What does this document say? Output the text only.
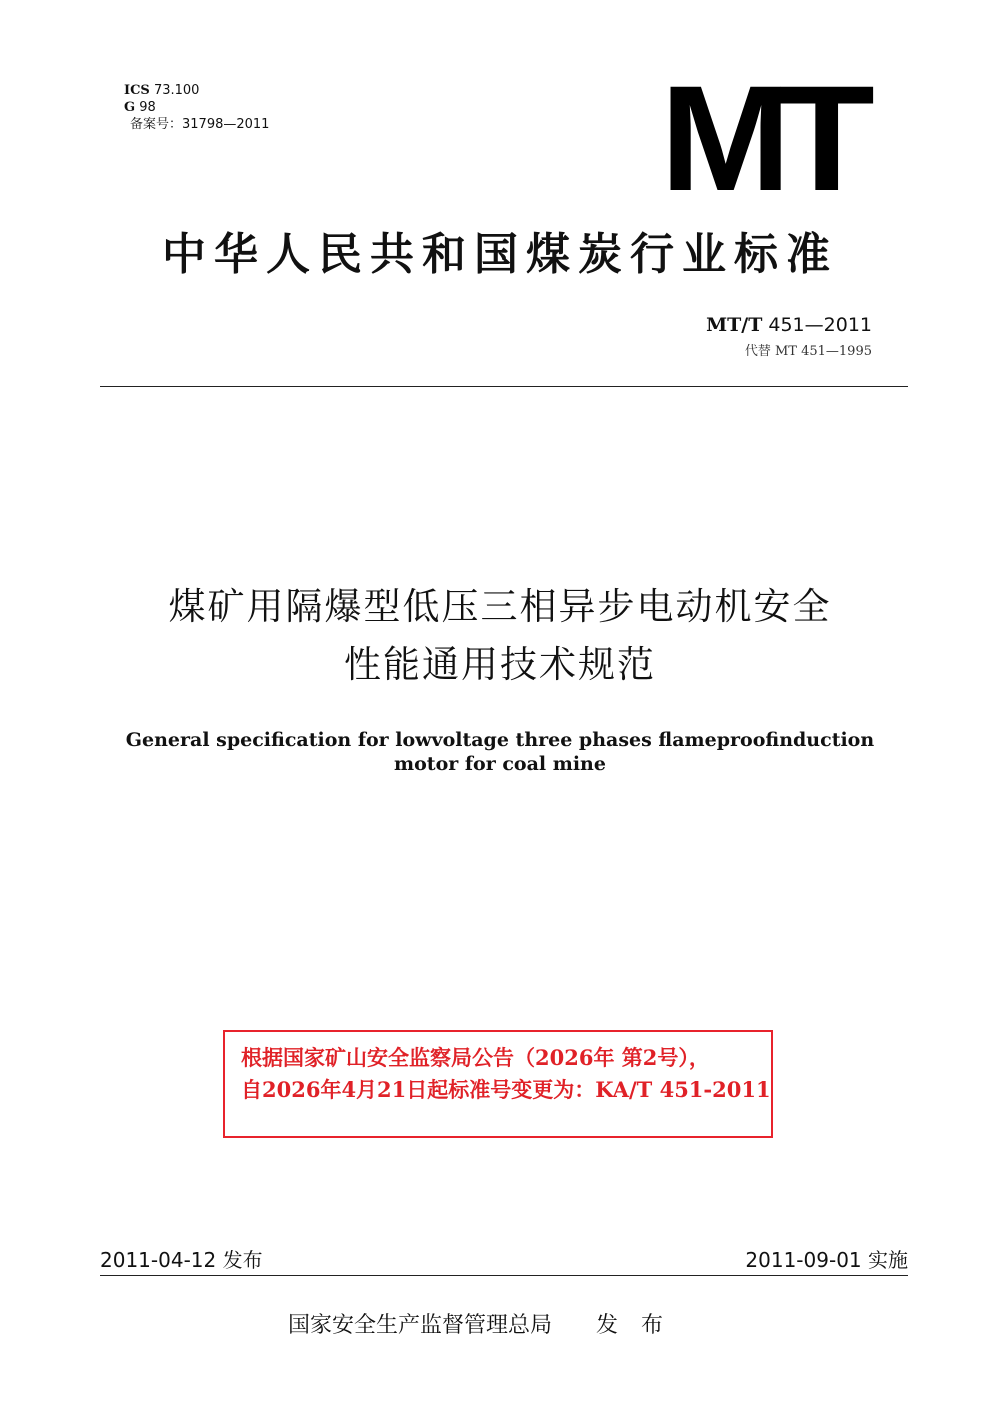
ICS 73.100
G 98
备案号：31798—2011	MT
中华人民共和国煤炭行业标准
MT/T 451—2011
代替 MT 451—1995
煤矿用隔爆型低压三相异步电动机安全
性能通用技术规范
General specification for lowvoltage three phases flameproofinduction
motor for coal mine
根据国家矿山安全监察局公告（2026年 第2号），
自2026年4月21日起标准号变更为：KA/T 451-2011
2011-04-12 发布	2011-09-01 实施
国家安全生产监督管理总局 发 布
